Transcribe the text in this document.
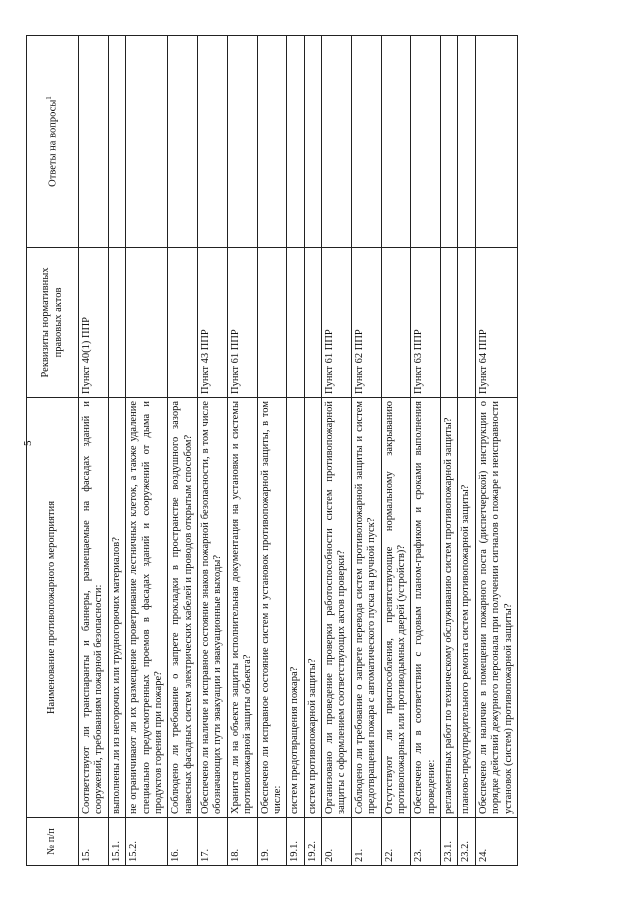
5
№ п/п	Наименование противопожарного мероприятия	Реквизиты нормативных правовых актов	Ответы на вопросы$^1$
15.	Соответствуют ли транспаранты и баннеры, размещаемые на фасадах зданий и сооружений, требованиям пожарной безопасности:	Пункт 40(1) ППР	
15.1.	выполнены ли из негорючих или трудногорючих материалов?		
15.2.	не ограничивают ли их размещение проветривание лестничных клеток, а также удаление специально предусмотренных проемов в фасадах зданий и сооружений от дыма и продуктов горения при пожаре?		
16.	Соблюдено ли требование о запрете прокладки в пространстве воздушного зазора навесных фасадных систем электрических кабелей и проводов открытым способом?		
17.	Обеспечено ли наличие и исправное состояние знаков пожарной безопасности, в том числе обозначающих пути эвакуации и эвакуационные выходы?	Пункт 43 ППР	
18.	Хранится ли на объекте защиты исполнительная документация на установки и системы противопожарной защиты объекта?	Пункт 61 ППР	
19.	Обеспечено ли исправное состояние систем и установок противопожарной защиты, в том числе:		
19.1.	систем предотвращения пожара?		
19.2.	систем противопожарной защиты?		
20.	Организовано ли проведение проверки работоспособности систем противопожарной защиты с оформлением соответствующих актов проверки?	Пункт 61 ППР	
21.	Соблюдено ли требование о запрете перевода систем противопожарной защиты и систем предотвращения пожара с автоматического пуска на ручной пуск?	Пункт 62 ППР	
22.	Отсутствуют ли приспособления, препятствующие нормальному закрыванию противопожарных или противодымных дверей (устройств)?		
23.	Обеспечено ли в соответствии с годовым планом-графиком и сроками выполнения проведение:	Пункт 63 ППР	
23.1.	регламентных работ по техническому обслуживанию систем противопожарной защиты?		
23.2.	планово-предупредительного ремонта систем противопожарной защиты?		
24.	Обеспечено ли наличие в помещении пожарного поста (диспетчерской) инструкции о порядке действий дежурного персонала при получении сигналов о пожаре и неисправности установок (систем) противопожарной защиты?	Пункт 64 ППР	
